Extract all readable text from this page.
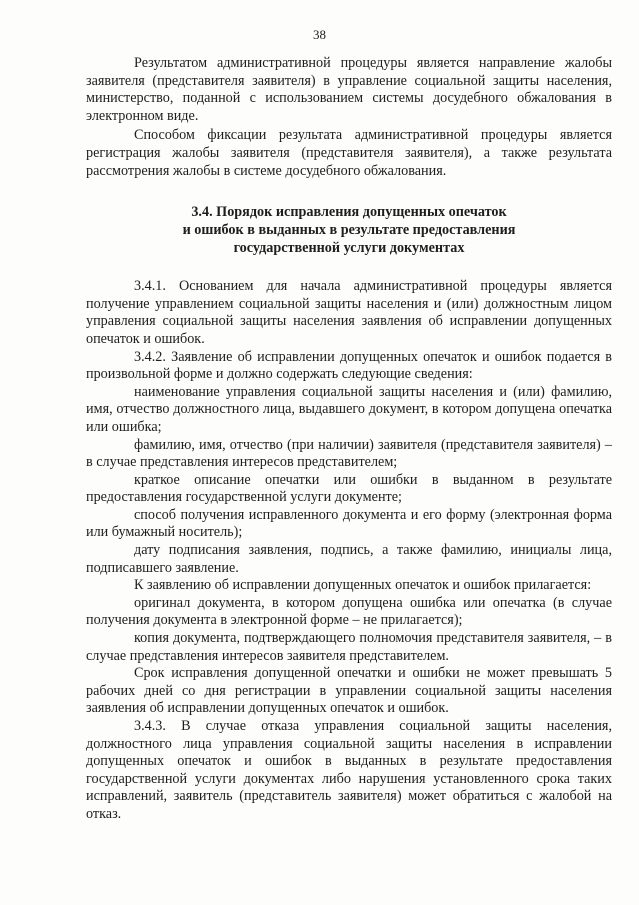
38

Результатом административной процедуры является направление жалобы заявителя (представителя заявителя) в управление социальной защиты населения, министерство, поданной с использованием системы досудебного обжалования в электронном виде.

Способом фиксации результата административной процедуры является регистрация жалобы заявителя (представителя заявителя), а также результата рассмотрения жалобы в системе досудебного обжалования.

3.4. Порядок исправления допущенных опечаток
и ошибок в выданных в результате предоставления
государственной услуги документах

3.4.1. Основанием для начала административной процедуры является получение управлением социальной защиты населения и (или) должностным лицом управления социальной защиты населения заявления об исправлении допущенных опечаток и ошибок.

3.4.2. Заявление об исправлении допущенных опечаток и ошибок подается в произвольной форме и должно содержать следующие сведения:

наименование управления социальной защиты населения и (или) фамилию, имя, отчество должностного лица, выдавшего документ, в котором допущена опечатка или ошибка;

фамилию, имя, отчество (при наличии) заявителя (представителя заявителя) – в случае представления интересов представителем;

краткое описание опечатки или ошибки в выданном в результате предоставления государственной услуги документе;

способ получения исправленного документа и его форму (электронная форма или бумажный носитель);

дату подписания заявления, подпись, а также фамилию, инициалы лица, подписавшего заявление.

К заявлению об исправлении допущенных опечаток и ошибок прилагается:

оригинал документа, в котором допущена ошибка или опечатка (в случае получения документа в электронной форме – не прилагается);

копия документа, подтверждающего полномочия представителя заявителя, – в случае представления интересов заявителя представителем.

Срок исправления допущенной опечатки и ошибки не может превышать 5 рабочих дней со дня регистрации в управлении социальной защиты населения заявления об исправлении допущенных опечаток и ошибок.

3.4.3. В случае отказа управления социальной защиты населения, должностного лица управления социальной защиты населения в исправлении допущенных опечаток и ошибок в выданных в результате предоставления государственной услуги документах либо нарушения установленного срока таких исправлений, заявитель (представитель заявителя) может обратиться с жалобой на отказ.
